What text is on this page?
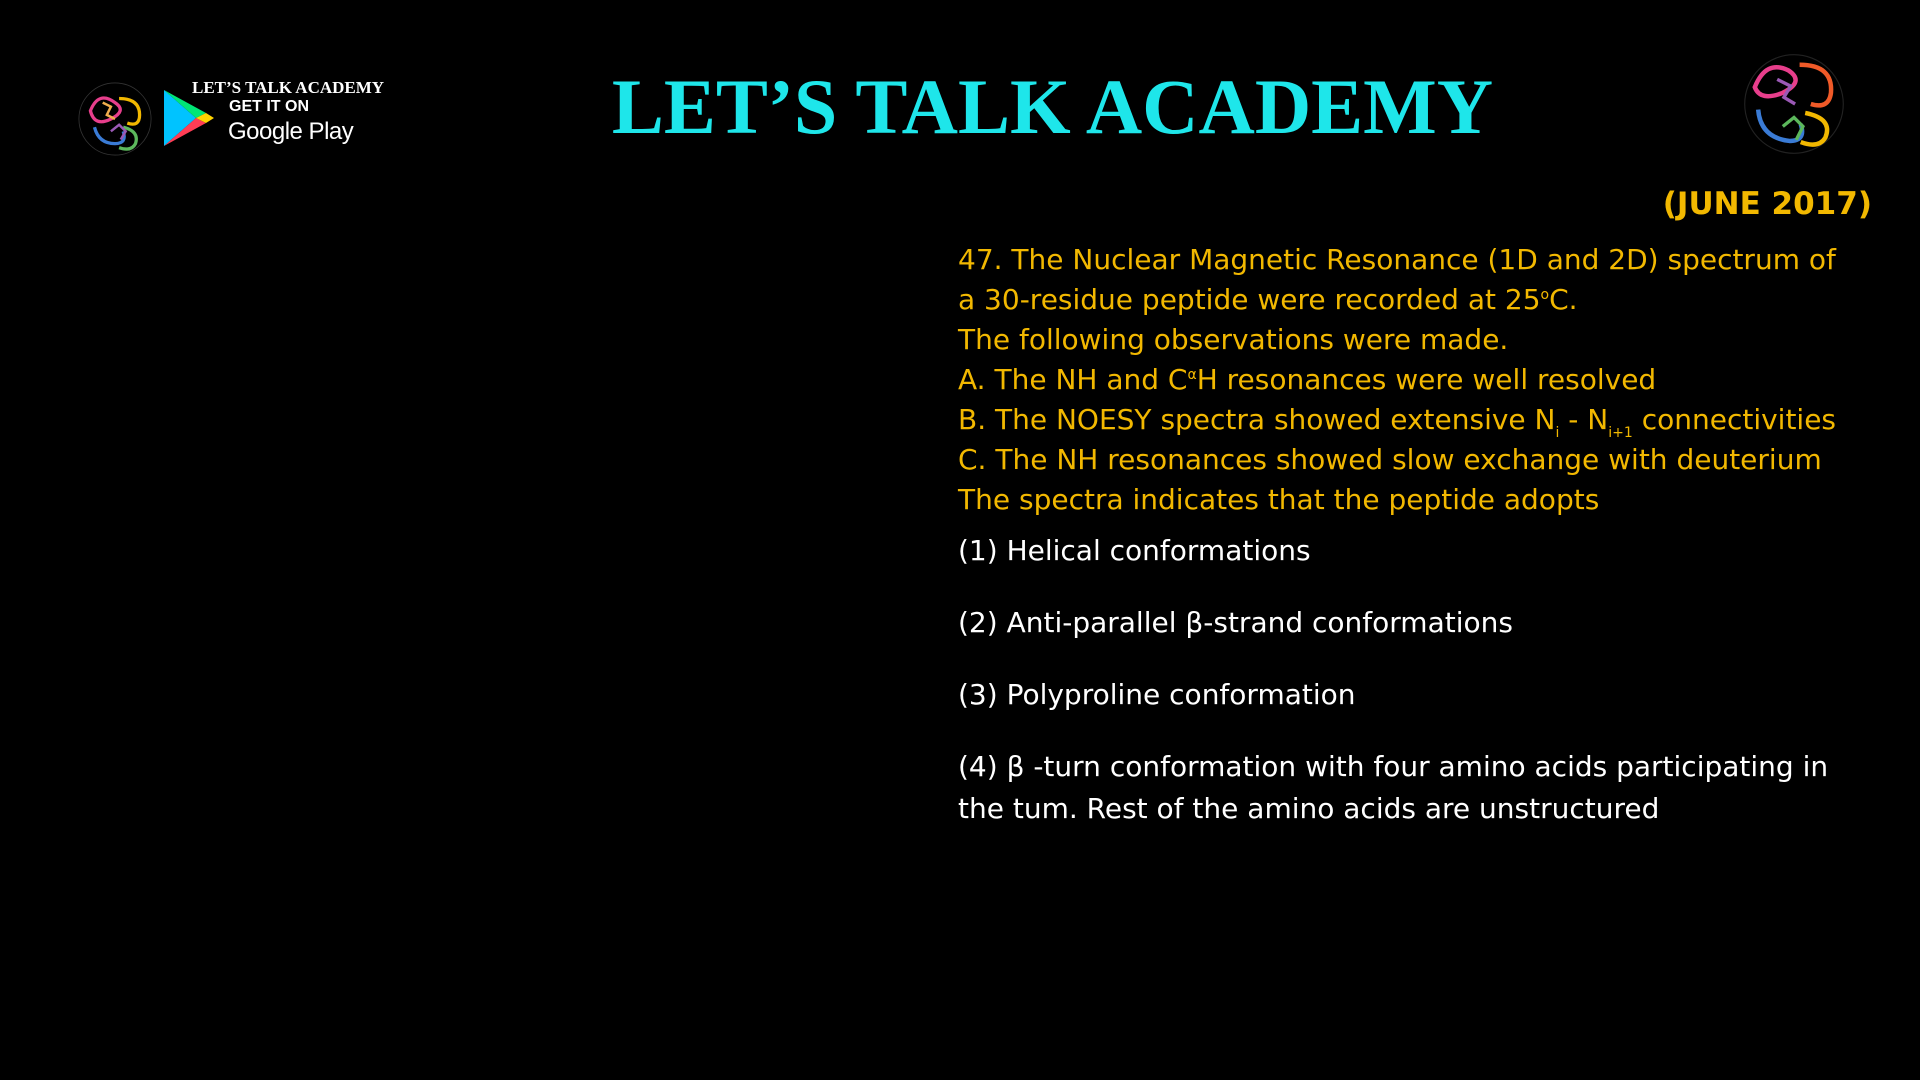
LET’S TALK ACADEMY
GET IT ON
Google Play	LET’S TALK ACADEMY
(JUNE 2017)
47. The Nuclear Magnetic Resonance (1D and 2D) spectrum of
a 30-residue peptide were recorded at 25$^o$C.
The following observations were made.
A. The NH and $C^\alpha H$ resonances were well resolved
B. The NOESY spectra showed extensive $N_i - N_{i+1}$ connectivities
C. The NH resonances showed slow exchange with deuterium
The spectra indicates that the peptide adopts
(1) Helical conformations
(2) Anti-parallel β-strand conformations
(3) Polyproline conformation
(4) β -turn conformation with four amino acids participating in the tum. Rest of the amino acids are unstructured
